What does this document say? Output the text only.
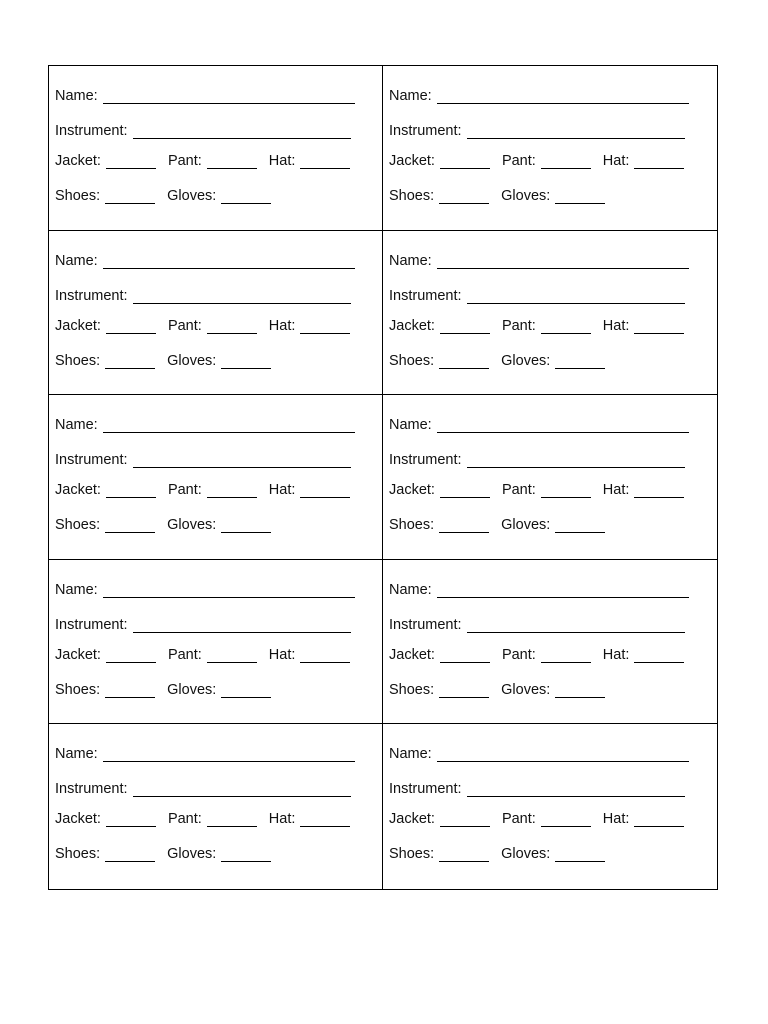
Name:
Instrument:
Jacket:	Pant:	Hat:
Shoes:	Gloves:
Name:
Instrument:
Jacket:	Pant:	Hat:
Shoes:	Gloves:
Name:
Instrument:
Jacket:	Pant:	Hat:
Shoes:	Gloves:
Name:
Instrument:
Jacket:	Pant:	Hat:
Shoes:	Gloves:
Name:
Instrument:
Jacket:	Pant:	Hat:
Shoes:	Gloves:
Name:
Instrument:
Jacket:	Pant:	Hat:
Shoes:	Gloves:
Name:
Instrument:
Jacket:	Pant:	Hat:
Shoes:	Gloves:
Name:
Instrument:
Jacket:	Pant:	Hat:
Shoes:	Gloves:
Name:
Instrument:
Jacket:	Pant:	Hat:
Shoes:	Gloves:
Name:
Instrument:
Jacket:	Pant:	Hat:
Shoes:	Gloves:
